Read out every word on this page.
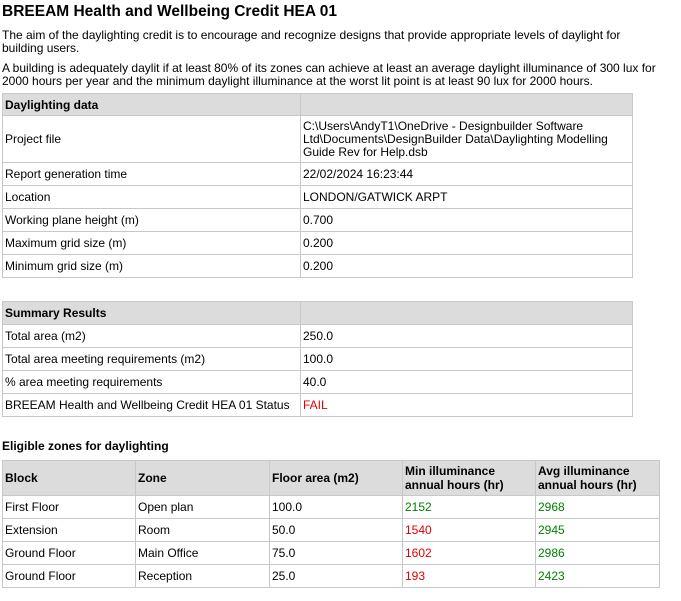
BREEAM Health and Wellbeing Credit HEA 01

The aim of the daylighting credit is to encourage and recognize designs that provide appropriate levels of daylight for building users.

A building is adequately daylit if at least 80% of its zones can achieve at least an average daylight illuminance of 300 lux for 2000 hours per year and the minimum daylight illuminance at the worst lit point is at least 90 lux for 2000 hours.

Daylighting data	
Project file	C:\Users\AndyT1\OneDrive - Designbuilder Software Ltd\Documents\DesignBuilder Data\Daylighting Modelling Guide Rev for Help.dsb
Report generation time	22/02/2024 16:23:44
Location	LONDON/GATWICK ARPT
Working plane height (m)	0.700
Maximum grid size (m)	0.200
Minimum grid size (m)	0.200
Summary Results	
Total area (m2)	250.0
Total area meeting requirements (m2)	100.0
% area meeting requirements	40.0
BREEAM Health and Wellbeing Credit HEA 01 Status	FAIL

Eligible zones for daylighting

Block	Zone	Floor area (m2)	Min illuminance annual hours (hr)	Avg illuminance annual hours (hr)
First Floor	Open plan	100.0	2152	2968
Extension	Room	50.0	1540	2945
Ground Floor	Main Office	75.0	1602	2986
Ground Floor	Reception	25.0	193	2423
